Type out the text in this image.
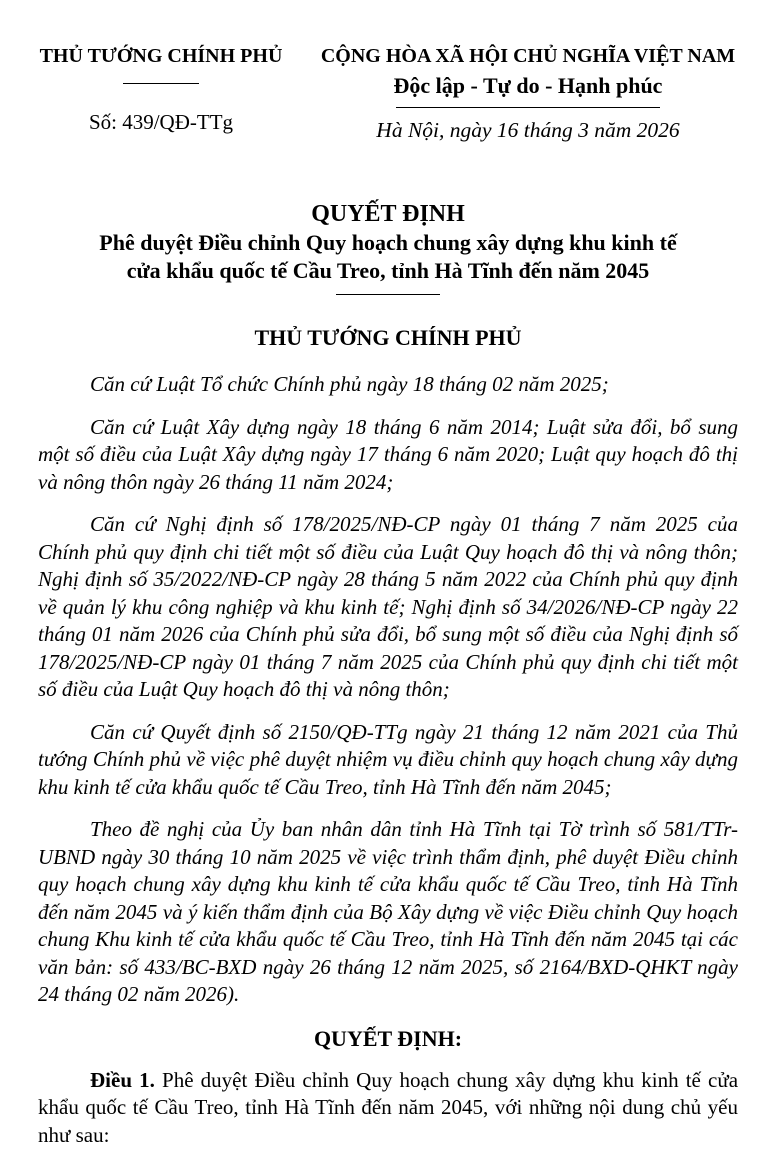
THỦ TƯỚNG CHÍNH PHỦ
Số: 439/QĐ-TTg
CỘNG HÒA XÃ HỘI CHỦ NGHĨA VIỆT NAM
Độc lập - Tự do - Hạnh phúc
Hà Nội, ngày 16 tháng 3 năm 2026
QUYẾT ĐỊNH
Phê duyệt Điều chỉnh Quy hoạch chung xây dựng khu kinh tế
cửa khẩu quốc tế Cầu Treo, tỉnh Hà Tĩnh đến năm 2045
THỦ TƯỚNG CHÍNH PHỦ

Căn cứ Luật Tổ chức Chính phủ ngày 18 tháng 02 năm 2025;

Căn cứ Luật Xây dựng ngày 18 tháng 6 năm 2014; Luật sửa đổi, bổ sung một số điều của Luật Xây dựng ngày 17 tháng 6 năm 2020; Luật quy hoạch đô thị và nông thôn ngày 26 tháng 11 năm 2024;

Căn cứ Nghị định số 178/2025/NĐ-CP ngày 01 tháng 7 năm 2025 của Chính phủ quy định chi tiết một số điều của Luật Quy hoạch đô thị và nông thôn; Nghị định số 35/2022/NĐ-CP ngày 28 tháng 5 năm 2022 của Chính phủ quy định về quản lý khu công nghiệp và khu kinh tế; Nghị định số 34/2026/NĐ-CP ngày 22 tháng 01 năm 2026 của Chính phủ sửa đổi, bổ sung một số điều của Nghị định số 178/2025/NĐ-CP ngày 01 tháng 7 năm 2025 của Chính phủ quy định chi tiết một số điều của Luật Quy hoạch đô thị và nông thôn;

Căn cứ Quyết định số 2150/QĐ-TTg ngày 21 tháng 12 năm 2021 của Thủ tướng Chính phủ về việc phê duyệt nhiệm vụ điều chỉnh quy hoạch chung xây dựng khu kinh tế cửa khẩu quốc tế Cầu Treo, tỉnh Hà Tĩnh đến năm 2045;

Theo đề nghị của Ủy ban nhân dân tỉnh Hà Tĩnh tại Tờ trình số 581/TTr-UBND ngày 30 tháng 10 năm 2025 về việc trình thẩm định, phê duyệt Điều chỉnh quy hoạch chung xây dựng khu kinh tế cửa khẩu quốc tế Cầu Treo, tỉnh Hà Tĩnh đến năm 2045 và ý kiến thẩm định của Bộ Xây dựng về việc Điều chỉnh Quy hoạch chung Khu kinh tế cửa khẩu quốc tế Cầu Treo, tỉnh Hà Tĩnh đến năm 2045 tại các văn bản: số 433/BC-BXD ngày 26 tháng 12 năm 2025, số 2164/BXD-QHKT ngày 24 tháng 02 năm 2026).

QUYẾT ĐỊNH:

Điều 1. Phê duyệt Điều chỉnh Quy hoạch chung xây dựng khu kinh tế cửa khẩu quốc tế Cầu Treo, tỉnh Hà Tĩnh đến năm 2045, với những nội dung chủ yếu như sau:
